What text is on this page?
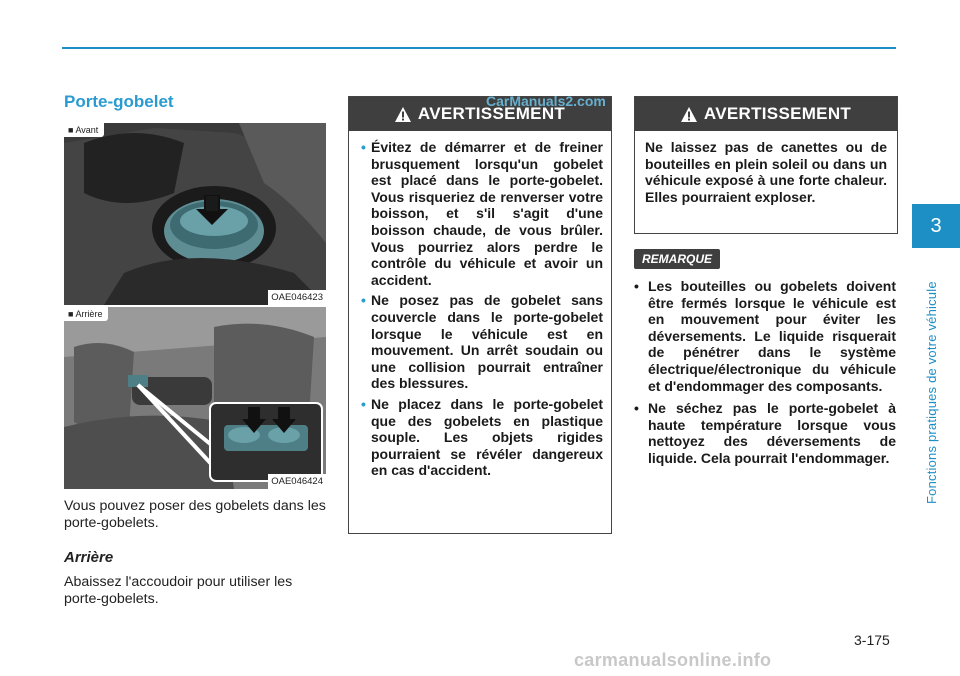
Porte-gobelet
■ Avant
OAE046423
■ Arrière
OAE046424
Vous pouvez poser des gobelets dans les porte-gobelets.
Arrière
Abaissez l'accoudoir pour utiliser les porte-gobelets.
AVERTISSEMENT
• Évitez de démarrer et de freiner brusquement lorsqu'un gobelet est placé dans le porte-gobelet. Vous risqueriez de renverser votre boisson, et s'il s'agit d'une boisson chaude, de vous brûler. Vous pourriez alors perdre le contrôle du véhicule et avoir un accident.
• Ne posez pas de gobelet sans couvercle dans le porte-gobelet lorsque le véhicule est en mouvement. Un arrêt soudain ou une collision pourrait entraîner des blessures.
• Ne placez dans le porte-gobelet que des gobelets en plastique souple. Les objets rigides pourraient se révéler dangereux en cas d'accident.
AVERTISSEMENT
Ne laissez pas de canettes ou de bouteilles en plein soleil ou dans un véhicule exposé à une forte chaleur. Elles pourraient exploser.
REMARQUE
• Les bouteilles ou gobelets doivent être fermés lorsque le véhicule est en mouvement pour éviter les déversements. Le liquide risquerait de pénétrer dans le système électrique/électronique du véhicule et d'endommager des composants.
• Ne séchez pas le porte-gobelet à haute température lorsque vous nettoyez des déversements de liquide. Cela pourrait l'endommager.
3
Fonctions pratiques de votre véhicule
3-175
CarManuals2.com
carmanualsonline.info
